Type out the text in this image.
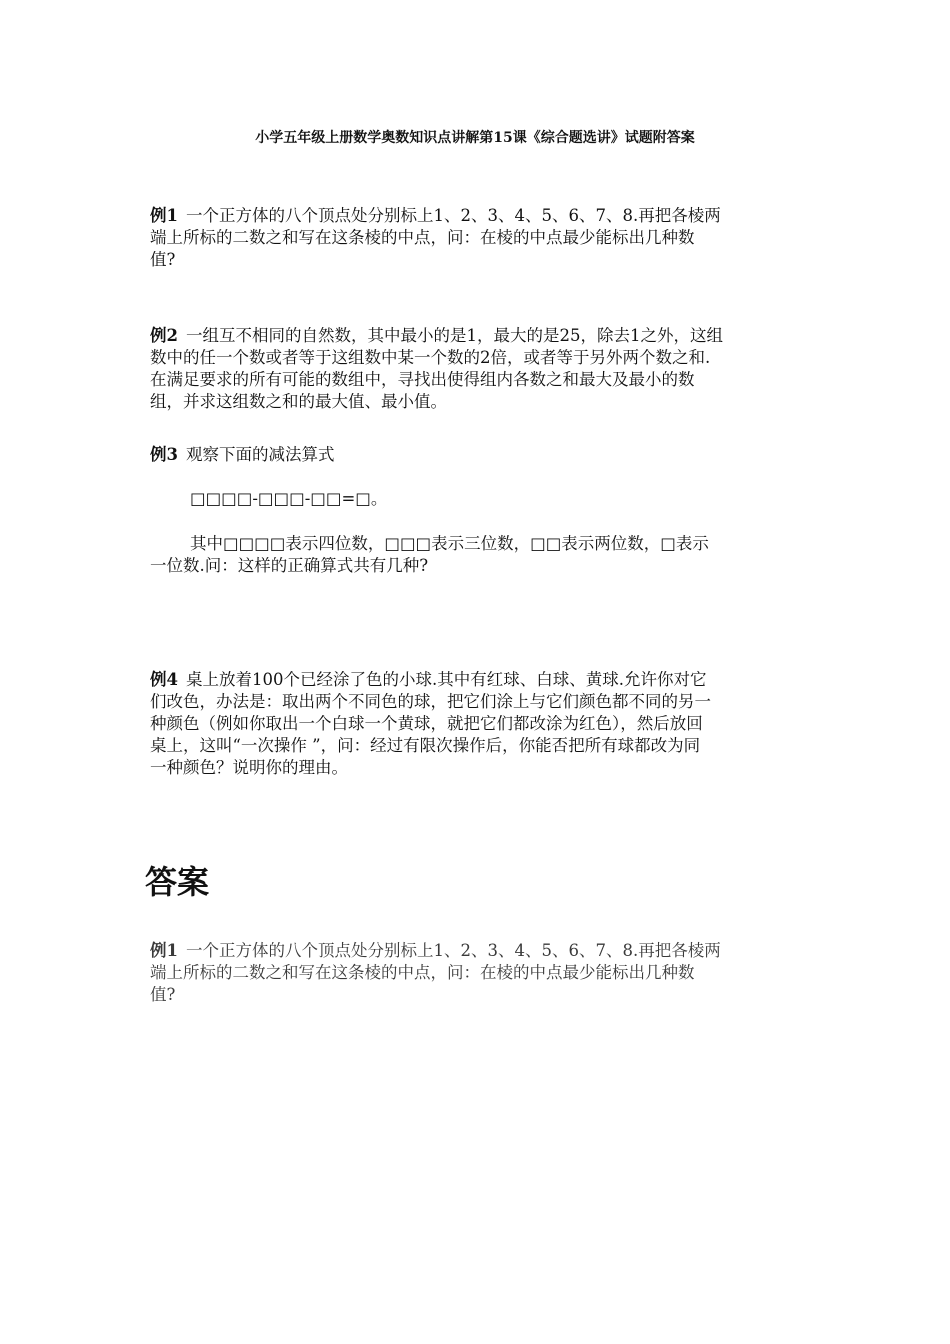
小学五年级上册数学奥数知识点讲解第15课《综合题选讲》试题附答案
例1 一个正方体的八个顶点处分别标上1、2、3、4、5、6、7、8.再把各棱两
端上所标的二数之和写在这条棱的中点，问：在棱的中点最少能标出几种数
值?
例2 一组互不相同的自然数，其中最小的是1，最大的是25，除去1之外，这组
数中的任一个数或者等于这组数中某一个数的2倍，或者等于另外两个数之和.
在满足要求的所有可能的数组中，寻找出使得组内各数之和最大及最小的数
组，并求这组数之和的最大值、最小值。
例3 观察下面的减法算式
□□□□-□□□-□□=□。
其中□□□□表示四位数，□□□表示三位数，□□表示两位数，□表示
一位数.问：这样的正确算式共有几种?
例4 桌上放着100个已经涂了色的小球.其中有红球、白球、黄球.允许你对它
们改色，办法是：取出两个不同色的球，把它们涂上与它们颜色都不同的另一
种颜色（例如你取出一个白球一个黄球，就把它们都改涂为红色），然后放回
桌上，这叫“一次操作 ”，问：经过有限次操作后，你能否把所有球都改为同
一种颜色？说明你的理由。
答案
例1 一个正方体的八个顶点处分别标上1、2、3、4、5、6、7、8.再把各棱两
端上所标的二数之和写在这条棱的中点，问：在棱的中点最少能标出几种数
值?
